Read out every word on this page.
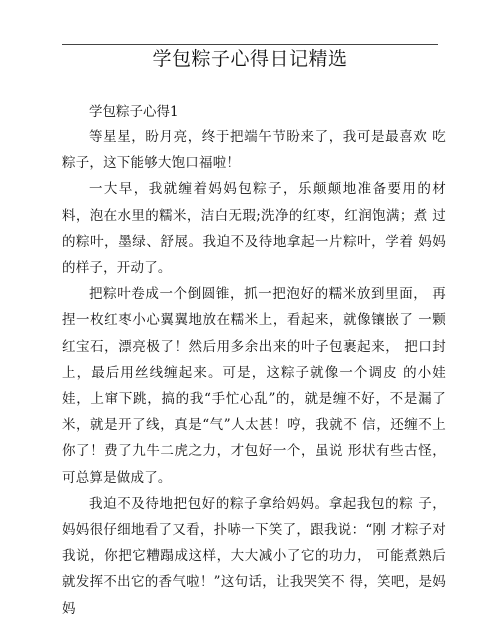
学包粽子心得日记精选

学包粽子心得1

等星星，盼月亮，终于把端午节盼来了，我可是最喜欢 吃粽子，这下能够大饱口福啦！

一大早，我就缠着妈妈包粽子，乐颠颠地准备要用的材 料，泡在水里的糯米，洁白无瑕;洗净的红枣，红润饱满；煮 过的粽叶，墨绿、舒展。我迫不及待地拿起一片粽叶，学着 妈妈的样子，开动了。

把粽叶卷成一个倒圆锥，抓一把泡好的糯米放到里面， 再捏一枚红枣小心翼翼地放在糯米上，看起来，就像镶嵌了 一颗红宝石，漂亮极了！然后用多余出来的叶子包裹起来， 把口封上，最后用丝线缠起来。可是，这粽子就像一个调皮 的小娃娃，上窜下跳，搞的我“手忙心乱”的，就是缠不好，不是漏了米，就是开了线，真是“气”人太甚！哼，我就不 信，还缠不上你了！费了九牛二虎之力，才包好一个，虽说 形状有些古怪，可总算是做成了。

我迫不及待地把包好的粽子拿给妈妈。拿起我包的粽 子，妈妈很仔细地看了又看，扑哧一下笑了，跟我说：“刚 才粽子对我说，你把它糟蹋成这样，大大减小了它的功力， 可能煮熟后就发挥不出它的香气啦！”这句话，让我哭笑不 得，笑吧，是妈妈
